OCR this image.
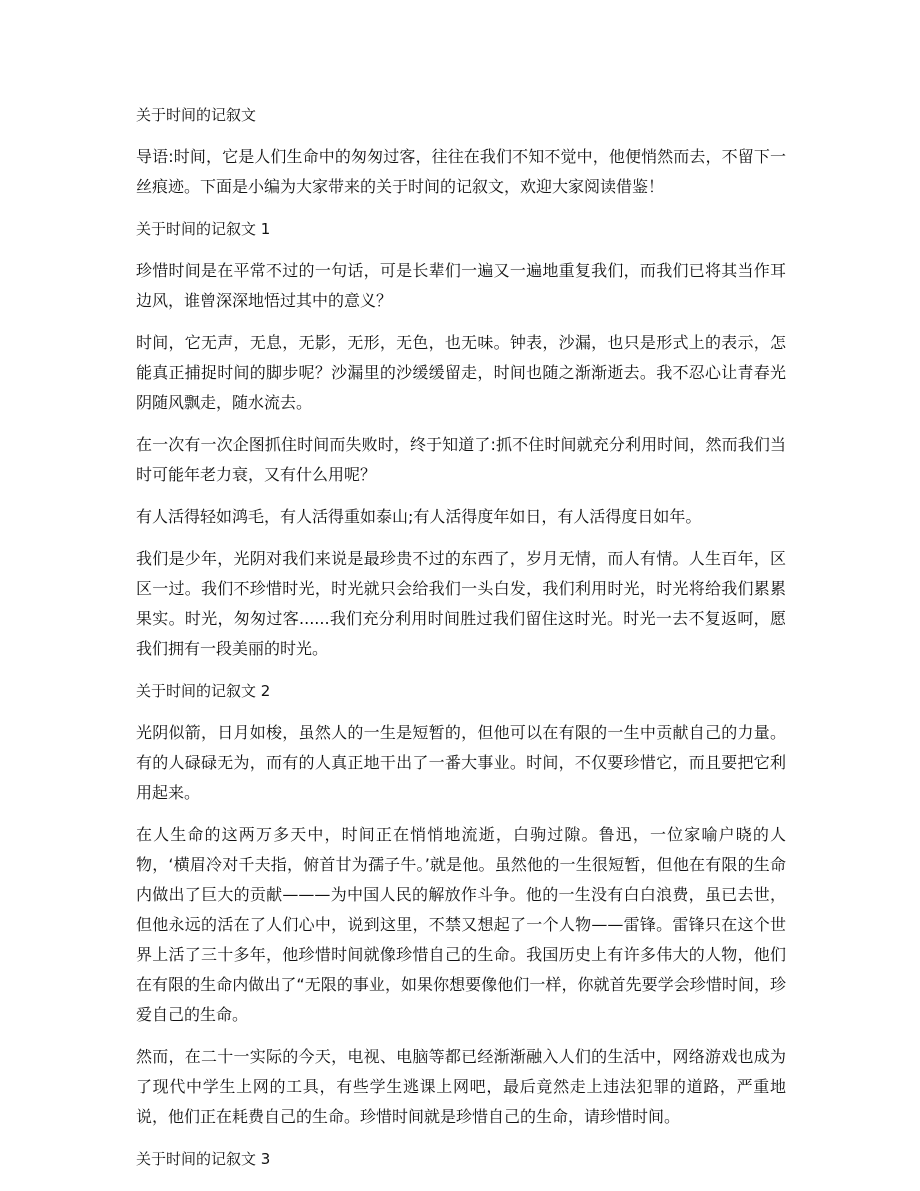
关于时间的记叙文

导语:时间，它是人们生命中的匆匆过客，往往在我们不知不觉中，他便悄然而去，不留下一丝痕迹。下面是小编为大家带来的关于时间的记叙文，欢迎大家阅读借鉴！

关于时间的记叙文 1

珍惜时间是在平常不过的一句话，可是长辈们一遍又一遍地重复我们，而我们已将其当作耳边风，谁曾深深地悟过其中的意义？

时间，它无声，无息，无影，无形，无色，也无味。钟表，沙漏，也只是形式上的表示，怎能真正捕捉时间的脚步呢？沙漏里的沙缓缓留走，时间也随之渐渐逝去。我不忍心让青春光阴随风飘走，随水流去。

在一次有一次企图抓住时间而失败时，终于知道了:抓不住时间就充分利用时间，然而我们当时可能年老力衰，又有什么用呢？

有人活得轻如鸿毛，有人活得重如泰山;有人活得度年如日，有人活得度日如年。

我们是少年，光阴对我们来说是最珍贵不过的东西了，岁月无情，而人有情。人生百年，区区一过。我们不珍惜时光，时光就只会给我们一头白发，我们利用时光，时光将给我们累累果实。时光，匆匆过客......我们充分利用时间胜过我们留住这时光。时光一去不复返呵，愿我们拥有一段美丽的时光。

关于时间的记叙文 2

光阴似箭，日月如梭，虽然人的一生是短暂的，但他可以在有限的一生中贡献自己的力量。有的人碌碌无为，而有的人真正地干出了一番大事业。时间，不仅要珍惜它，而且要把它利用起来。

在人生命的这两万多天中，时间正在悄悄地流逝，白驹过隙。鲁迅，一位家喻户晓的人物，‘横眉冷对千夫指，俯首甘为孺子牛。’就是他。虽然他的一生很短暂，但他在有限的生命内做出了巨大的贡献———为中国人民的解放作斗争。他的一生没有白白浪费，虽已去世，但他永远的活在了人们心中，说到这里，不禁又想起了一个人物——雷锋。雷锋只在这个世界上活了三十多年，他珍惜时间就像珍惜自己的生命。我国历史上有许多伟大的人物，他们在有限的生命内做出了“无限的事业，如果你想要像他们一样，你就首先要学会珍惜时间，珍爱自己的生命。

然而，在二十一实际的今天，电视、电脑等都已经渐渐融入人们的生活中，网络游戏也成为了现代中学生上网的工具，有些学生逃课上网吧，最后竟然走上违法犯罪的道路，严重地说，他们正在耗费自己的生命。珍惜时间就是珍惜自己的生命，请珍惜时间。

关于时间的记叙文 3
